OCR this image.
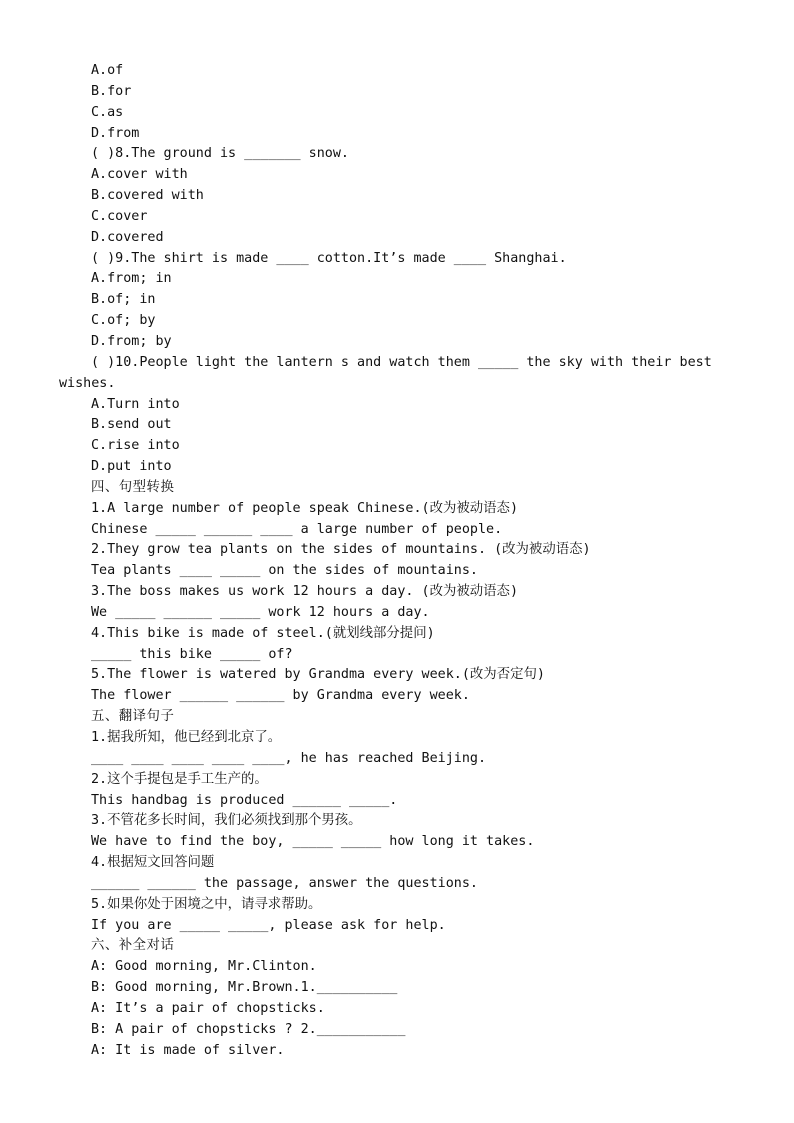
A.of
B.for
C.as
D.from
( )8.The ground is _______ snow.
A.cover with
B.covered with
C.cover
D.covered
( )9.The shirt is made ____ cotton.It’s made ____ Shanghai.
A.from; in
B.of; in
C.of; by
D.from; by
( )10.People light the lantern s and watch them _____ the sky with their best
wishes.
A.Turn into
B.send out
C.rise into
D.put into
四、句型转换
1.A large number of people speak Chinese.(改为被动语态)
Chinese _____ ______ ____ a large number of people.
2.They grow tea plants on the sides of mountains. (改为被动语态)
Tea plants ____ _____ on the sides of mountains.
3.The boss makes us work 12 hours a day. (改为被动语态)
We _____ ______ _____ work 12 hours a day.
4.This bike is made of steel.(就划线部分提问)
_____ this bike _____ of?
5.The flower is watered by Grandma every week.(改为否定句)
The flower ______ ______ by Grandma every week.
五、翻译句子
1.据我所知，他已经到北京了。
____ ____ ____ ____ ____, he has reached Beijing.
2.这个手提包是手工生产的。
This handbag is produced ______ _____.
3.不管花多长时间，我们必须找到那个男孩。
We have to find the boy, _____ _____ how long it takes.
4.根据短文回答问题
______ ______ the passage, answer the questions.
5.如果你处于困境之中，请寻求帮助。
If you are _____ _____, please ask for help.
六、补全对话
A: Good morning, Mr.Clinton.
B: Good morning, Mr.Brown.1.__________
A: It’s a pair of chopsticks.
B: A pair of chopsticks ? 2.___________
A: It is made of silver.
